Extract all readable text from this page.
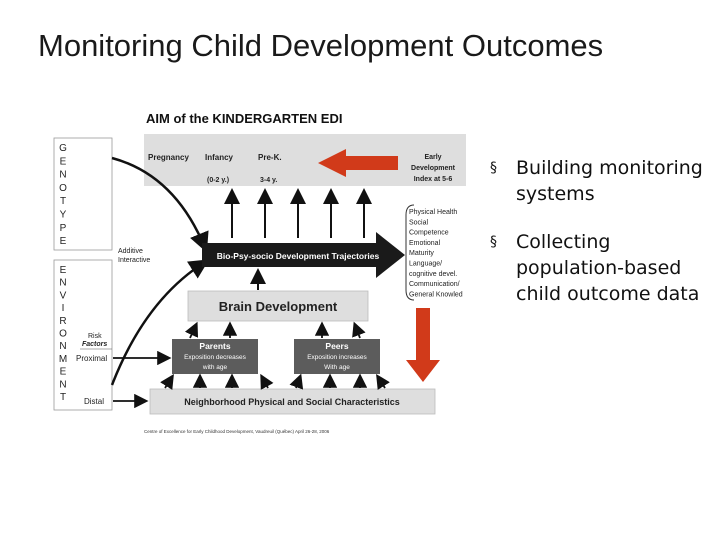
Monitoring Child Development Outcomes
AIM of the KINDERGARTEN EDI
Pregnancy Infancy
(0-2 y.)
Pre-K.
3-4 y.
Early
Development
Index at 5-6
G
E
N
O
T
Y
P
E
E
N
V
I
R
O
N
M
E
N
T
Additive
Interactive	Bio-Psy-socio Development Trajectories
Physical Health
Social
Competence
Emotional
Maturity
Language/
cognitive devel.
Communication/
General Knowled
Brain Development
Parents
Exposition decreases
with age
Peers
Exposition increases
With age
Risk
Factors
Proximal
Distal	Neighborhood Physical and Social Characteristics
Centre of Excellence for Early Childhood Development, Vaudreuil (Québec) April 26-28, 2006
§ Building monitoring systems
§ Collecting population-based child outcome data
